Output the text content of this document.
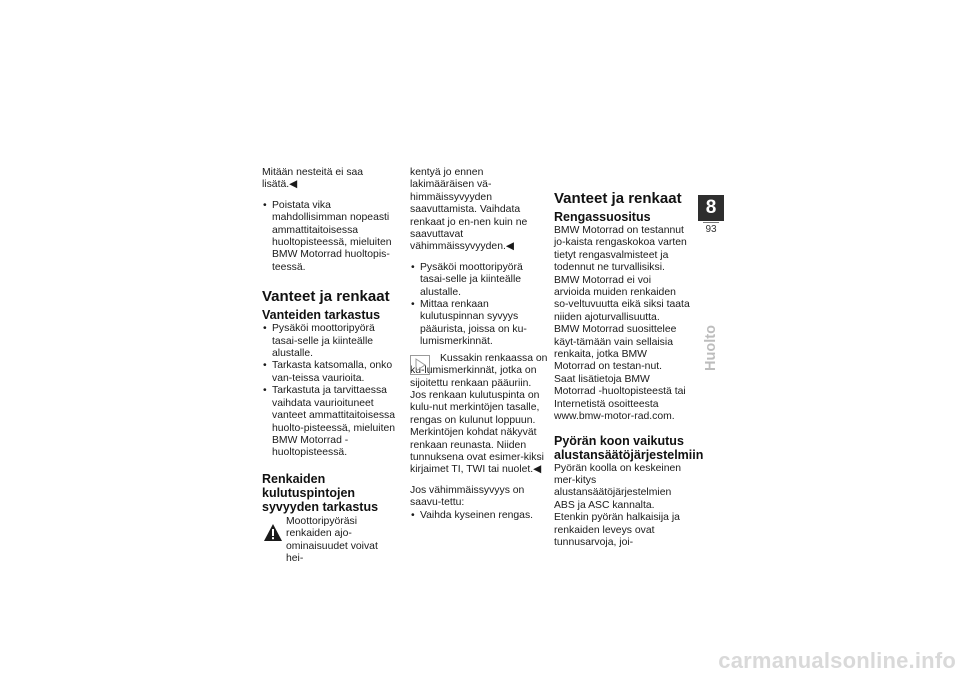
Mitään nesteitä ei saa lisätä.◀

• Poistata vika mahdollisimman nopeasti ammattitaitoisessa huoltopisteessä, mieluiten BMW Motorrad huoltopis-teessä.
Vanteet ja renkaat
Vanteiden tarkastus
• Pysäköi moottoripyörä tasai-selle ja kiinteälle alustalle.
• Tarkasta katsomalla, onko van-teissa vaurioita.
• Tarkastuta ja tarvittaessa vaihdata vaurioituneet vanteet ammattitaitoisessa huolto-pisteessä, mieluiten BMW Motorrad -huoltopisteessä.
Renkaiden kulutuspintojen syvyyden tarkastus

Moottoripyöräsi renkaiden ajo-ominaisuudet voivat hei-

kentyä jo ennen lakimääräisen vä-himmäissyvyyden saavuttamista. Vaihdata renkaat jo en-nen kuin ne saavuttavat vähimmäissyvyyden.◀

• Pysäköi moottoripyörä tasai-selle ja kiinteälle alustalle.
• Mittaa renkaan kulutuspinnan syvyys pääurista, joissa on ku-lumismerkinnät.

Kussakin renkaassa on ku-lumismerkinnät, jotka on sijoitettu renkaan pääuriin. Jos renkaan kulutuspinta on kulu-nut merkintöjen tasalle, rengas on kulunut loppuun. Merkintöjen kohdat näkyvät renkaan reunasta. Niiden tunnuksena ovat esimer-kiksi kirjaimet TI, TWI tai nuolet.◀

Jos vähimmäissyvyys on saavu-tettu:

• Vaihda kyseinen rengas.
Vanteet ja renkaat
Rengassuositus

BMW Motorrad on testannut jo-kaista rengaskokoa varten tietyt rengasvalmisteet ja todennut ne turvallisiksi. BMW Motorrad ei voi arvioida muiden renkaiden so-veltuvuutta eikä siksi taata niiden ajoturvallisuutta.

BMW Motorrad suosittelee käyt-tämään vain sellaisia renkaita, jotka BMW Motorrad on testan-nut.

Saat lisätietoja BMW Motorrad -huoltopisteestä tai Internetistä osoitteesta www.bmw-motor-rad.com.

Pyörän koon vaikutus alustansäätöjärjestelmiin

Pyörän koolla on keskeinen mer-kitys alustansäätöjärjestelmien ABS ja ASC kannalta. Etenkin pyörän halkaisija ja renkaiden leveys ovat tunnusarvoja, joi-

8
93
Huolto
carmanualsonline.info
